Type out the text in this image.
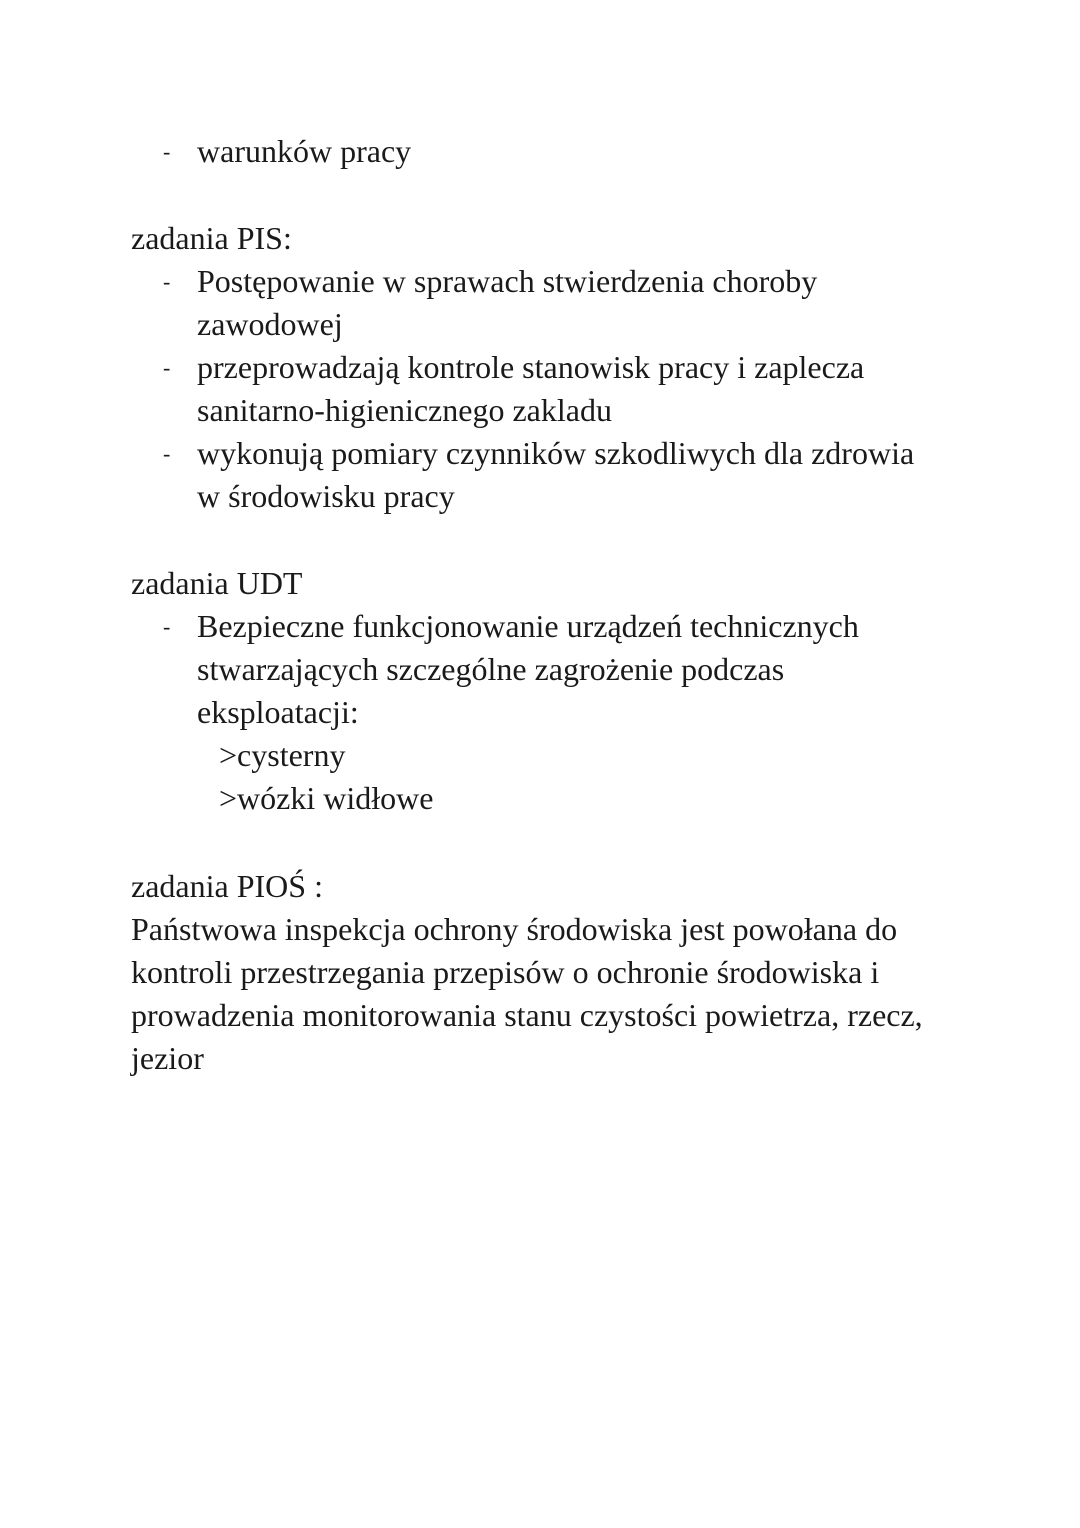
- warunków pracy
zadania PIS:
- Postępowanie w sprawach stwierdzenia choroby
zawodowej
- przeprowadzają kontrole stanowisk pracy i zaplecza
sanitarno-higienicznego zakladu
- wykonują pomiary czynników szkodliwych dla zdrowia
w środowisku pracy
zadania UDT
- Bezpieczne funkcjonowanie urządzeń technicznych
stwarzających szczególne zagrożenie podczas
eksploatacji:
>cysterny
>wózki widłowe
zadania PIOŚ :
Państwowa inspekcja ochrony środowiska jest powołana do
kontroli przestrzegania przepisów o ochronie środowiska i
prowadzenia monitorowania stanu czystości powietrza, rzecz,
jezior
